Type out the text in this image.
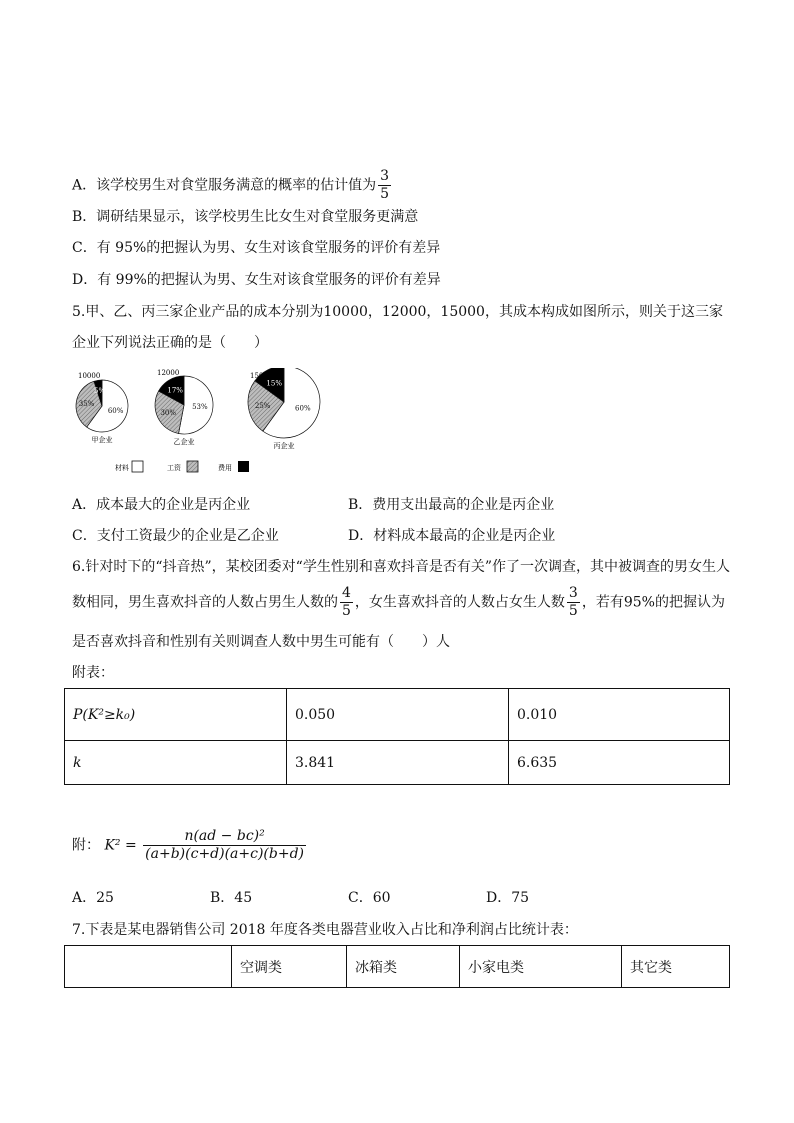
A．该学校男生对食堂服务满意的概率的估计值为 $\frac{3}{5}$
B．调研结果显示，该学校男生比女生对食堂服务更满意
C．有 95%的把握认为男、女生对该食堂服务的评价有差异
D．有 99%的把握认为男、女生对该食堂服务的评价有差异
5.甲、乙、丙三家企业产品的成本分别为10000，12000，15000，其成本构成如图所示，则关于这三家
企业下列说法正确的是（　　）
60%
35%
5%
10000
甲企业
53%
30%
17%
12000
乙企业
60%
25%
15%
15000
丙企业
材料	工资	费用
A．成本最大的企业是丙企业	B．费用支出最高的企业是丙企业
C．支付工资最少的企业是乙企业	D．材料成本最高的企业是丙企业
6.针对时下的“抖音热”，某校团委对“学生性别和喜欢抖音是否有关”作了一次调查，其中被调查的男女生人
数相同，男生喜欢抖音的人数占男生人数的 $\frac{4}{5}$ ，女生喜欢抖音的人数占女生人数 $\frac{3}{5}$ ，若有95%的把握认为
是否喜欢抖音和性别有关则调查人数中男生可能有（　　）人
附表：
P(K²≥k₀)	0.050	0.010
k	3.841	6.635
附： $K^2 = \frac{\text{n(ad − bc)²}}{(a+b)(c+d)(a+c)(b+d)}$
A．25	B．45	C．60	D．75
7.下表是某电器销售公司 2018 年度各类电器营业收入占比和净利润占比统计表：
	空调类	冰箱类	小家电类	其它类
